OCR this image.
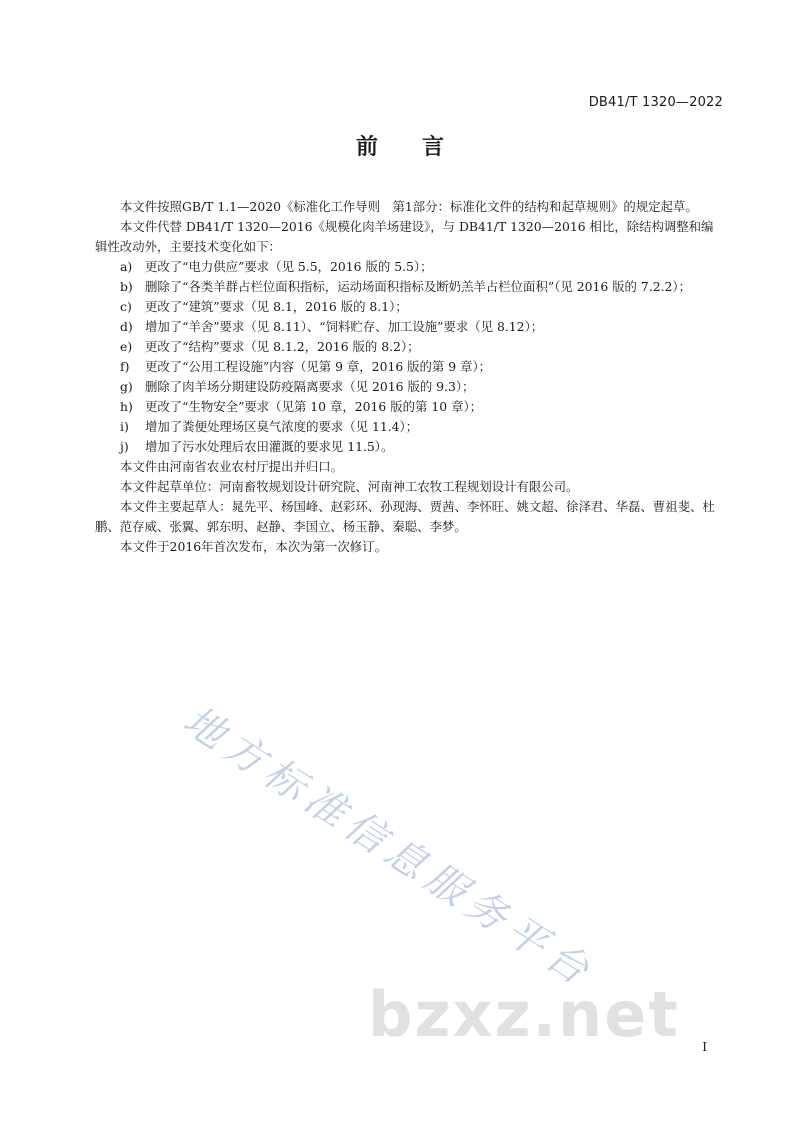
DB41/T 1320—2022
前 言

本文件按照GB/T 1.1—2020《标准化工作导则　第1部分：标准化文件的结构和起草规则》的规定起草。

本文件代替 DB41/T 1320—2016《规模化肉羊场建设》，与 DB41/T 1320—2016 相比，除结构调整和编辑性改动外，主要技术变化如下：

a)	更改了“电力供应”要求（见 5.5，2016 版的 5.5）；
b) 删除了“各类羊群占栏位面积指标，运动场面积指标及断奶羔羊占栏位面积”（见 2016 版的 7.2.2）；
c)	更改了“建筑”要求（见 8.1，2016 版的 8.1）；
d) 增加了“羊舍”要求（见 8.11）、“饲料贮存、加工设施”要求（见 8.12）；
e)	更改了“结构”要求（见 8.1.2，2016 版的 8.2）；
f)	更改了“公用工程设施”内容（见第 9 章，2016 版的第 9 章）；
g) 删除了肉羊场分期建设防疫隔离要求（见 2016 版的 9.3）；
h) 更改了“生物安全”要求（见第 10 章，2016 版的第 10 章）；
i)	增加了粪便处理场区臭气浓度的要求（见 11.4）；
j)	增加了污水处理后农田灌溉的要求见 11.5）。

本文件由河南省农业农村厅提出并归口。

本文件起草单位：河南畜牧规划设计研究院、河南神工农牧工程规划设计有限公司。

本文件主要起草人：晁先平、杨国峰、赵彩环、孙现海、贾茜、李怀旺、姚文超、徐泽君、华磊、曹祖斐、杜鹏、范存威、张翼、郭东明、赵静、李国立、杨玉静、秦聪、李梦。

本文件于2016年首次发布，本次为第一次修订。

地方标准信息服务平台
bzxz.net I
